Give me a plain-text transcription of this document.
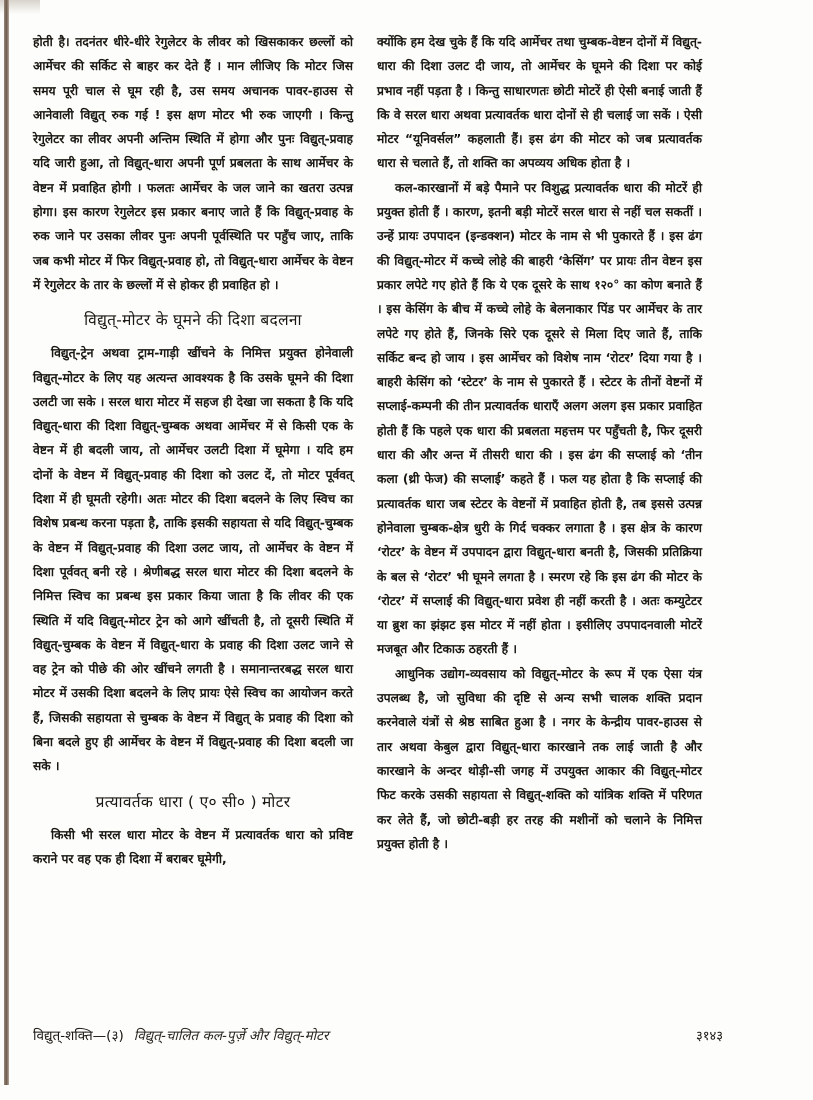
होती है। तदनंतर धीरे-धीरे रेगुलेटर के लीवर को खिसकाकर छल्लों को आर्मेचर की सर्किट से बाहर कर देते हैं । मान लीजिए कि मोटर जिस समय पूरी चाल से घूम रही है, उस समय अचानक पावर-हाउस से आनेवाली विद्युत् रुक गई ! इस क्षण मोटर भी रुक जाएगी । किन्तु रेगुलेटर का लीवर अपनी अन्तिम स्थिति में होगा और पुनः विद्युत्-प्रवाह यदि जारी हुआ, तो विद्युत्-धारा अपनी पूर्ण प्रबलता के साथ आर्मेचर के वेष्टन में प्रवाहित होगी । फलतः आर्मेचर के जल जाने का खतरा उत्पन्न होगा। इस कारण रेगुलेटर इस प्रकार बनाए जाते हैं कि विद्युत्-प्रवाह के रुक जाने पर उसका लीवर पुनः अपनी पूर्वस्थिति पर पहुँच जाए, ताकि जब कभी मोटर में फिर विद्युत्-प्रवाह हो, तो विद्युत्-धारा आर्मेचर के वेष्टन में रेगुलेटर के तार के छल्लों में से होकर ही प्रवाहित हो ।

विद्युत्-मोटर के घूमने की दिशा बदलना

विद्युत्-ट्रेन अथवा ट्राम-गाड़ी खींचने के निमित्त प्रयुक्त होनेवाली विद्युत्-मोटर के लिए यह अत्यन्त आवश्यक है कि उसके घूमने की दिशा उलटी जा सके । सरल धारा मोटर में सहज ही देखा जा सकता है कि यदि विद्युत्-धारा की दिशा विद्युत्-चुम्बक अथवा आर्मेचर में से किसी एक के वेष्टन में ही बदली जाय, तो आर्मेचर उलटी दिशा में घूमेगा । यदि हम दोनों के वेष्टन में विद्युत्-प्रवाह की दिशा को उलट दें, तो मोटर पूर्ववत् दिशा में ही घूमती रहेगी। अतः मोटर की दिशा बदलने के लिए स्विच का विशेष प्रबन्ध करना पड़ता है, ताकि इसकी सहायता से यदि विद्युत्-चुम्बक के वेष्टन में विद्युत्-प्रवाह की दिशा उलट जाय, तो आर्मेचर के वेष्टन में दिशा पूर्ववत् बनी रहे । श्रेणीबद्ध सरल धारा मोटर की दिशा बदलने के निमित्त स्विच का प्रबन्ध इस प्रकार किया जाता है कि लीवर की एक स्थिति में यदि विद्युत्-मोटर ट्रेन को आगे खींचती है, तो दूसरी स्थिति में विद्युत्-चुम्बक के वेष्टन में विद्युत्-धारा के प्रवाह की दिशा उलट जाने से वह ट्रेन को पीछे की ओर खींचने लगती है । समानान्तरबद्ध सरल धारा मोटर में उसकी दिशा बदलने के लिए प्रायः ऐसे स्विच का आयोजन करते हैं, जिसकी सहायता से चुम्बक के वेष्टन में विद्युत् के प्रवाह की दिशा को बिना बदले हुए ही आर्मेचर के वेष्टन में विद्युत्-प्रवाह की दिशा बदली जा सके ।

प्रत्यावर्तक धारा ( ए० सी० ) मोटर

किसी भी सरल धारा मोटर के वेष्टन में प्रत्यावर्तक धारा को प्रविष्ट कराने पर वह एक ही दिशा में बराबर घूमेगी,

क्योंकि हम देख चुके हैं कि यदि आर्मेचर तथा चुम्बक-वेष्टन दोनों में विद्युत्-धारा की दिशा उलट दी जाय, तो आर्मेचर के घूमने की दिशा पर कोई प्रभाव नहीं पड़ता है । किन्तु साधारणतः छोटी मोटरें ही ऐसी बनाई जाती हैं कि वे सरल धारा अथवा प्रत्यावर्तक धारा दोनों से ही चलाई जा सकें । ऐसी मोटर “यूनिवर्सल” कहलाती हैं। इस ढंग की मोटर को जब प्रत्यावर्तक धारा से चलाते हैं, तो शक्ति का अपव्यय अधिक होता है ।

कल-कारखानों में बड़े पैमाने पर विशुद्ध प्रत्यावर्तक धारा की मोटरें ही प्रयुक्त होती हैं । कारण, इतनी बड़ी मोटरें सरल धारा से नहीं चल सकतीं । उन्हें प्रायः उपपादन (इन्डक्शन) मोटर के नाम से भी पुकारते हैं । इस ढंग की विद्युत्-मोटर में कच्चे लोहे की बाहरी ‘केसिंग’ पर प्रायः तीन वेष्टन इस प्रकार लपेटे गए होते हैं कि ये एक दूसरे के साथ १२०° का कोण बनाते हैं । इस केसिंग के बीच में कच्चे लोहे के बेलनाकार पिंड पर आर्मेचर के तार लपेटे गए होते हैं, जिनके सिरे एक दूसरे से मिला दिए जाते हैं, ताकि सर्किट बन्द हो जाय । इस आर्मेचर को विशेष नाम ‘रोटर’ दिया गया है । बाहरी केसिंग को ‘स्टेटर’ के नाम से पुकारते हैं । स्टेटर के तीनों वेष्टनों में सप्लाई-कम्पनी की तीन प्रत्यावर्तक धाराएँ अलग अलग इस प्रकार प्रवाहित होती हैं कि पहले एक धारा की प्रबलता महत्तम पर पहुँचती है, फिर दूसरी धारा की और अन्त में तीसरी धारा की । इस ढंग की सप्लाई को ‘तीन कला (थ्री फेज) की सप्लाई’ कहते हैं । फल यह होता है कि सप्लाई की प्रत्यावर्तक धारा जब स्टेटर के वेष्टनों में प्रवाहित होती है, तब इससे उत्पन्न होनेवाला चुम्बक-क्षेत्र धुरी के गिर्द चक्कर लगाता है । इस क्षेत्र के कारण ‘रोटर’ के वेष्टन में उपपादन द्वारा विद्युत्-धारा बनती है, जिसकी प्रतिक्रिया के बल से ‘रोटर’ भी घूमने लगता है । स्मरण रहे कि इस ढंग की मोटर के ‘रोटर’ में सप्लाई की विद्युत्-धारा प्रवेश ही नहीं करती है । अतः कम्युटेटर या ब्रुश का झंझट इस मोटर में नहीं होता । इसीलिए उपपादनवाली मोटरें मजबूत और टिकाऊ ठहरती हैं ।

आधुनिक उद्योग-व्यवसाय को विद्युत्-मोटर के रूप में एक ऐसा यंत्र उपलब्ध है, जो सुविधा की दृष्टि से अन्य सभी चालक शक्ति प्रदान करनेवाले यंत्रों से श्रेष्ठ साबित हुआ है । नगर के केन्द्रीय पावर-हाउस से तार अथवा केबुल द्वारा विद्युत्-धारा कारखाने तक लाई जाती है और कारखाने के अन्दर थोड़ी-सी जगह में उपयुक्त आकार की विद्युत्-मोटर फिट करके उसकी सहायता से विद्युत्-शक्ति को यांत्रिक शक्ति में परिणत कर लेते हैं, जो छोटी-बड़ी हर तरह की मशीनों को चलाने के निमित्त प्रयुक्त होती है ।

विद्युत्-शक्ति—(३) विद्युत्-चालित कल-पुर्ज़े और विद्युत्-मोटर	३१४३
